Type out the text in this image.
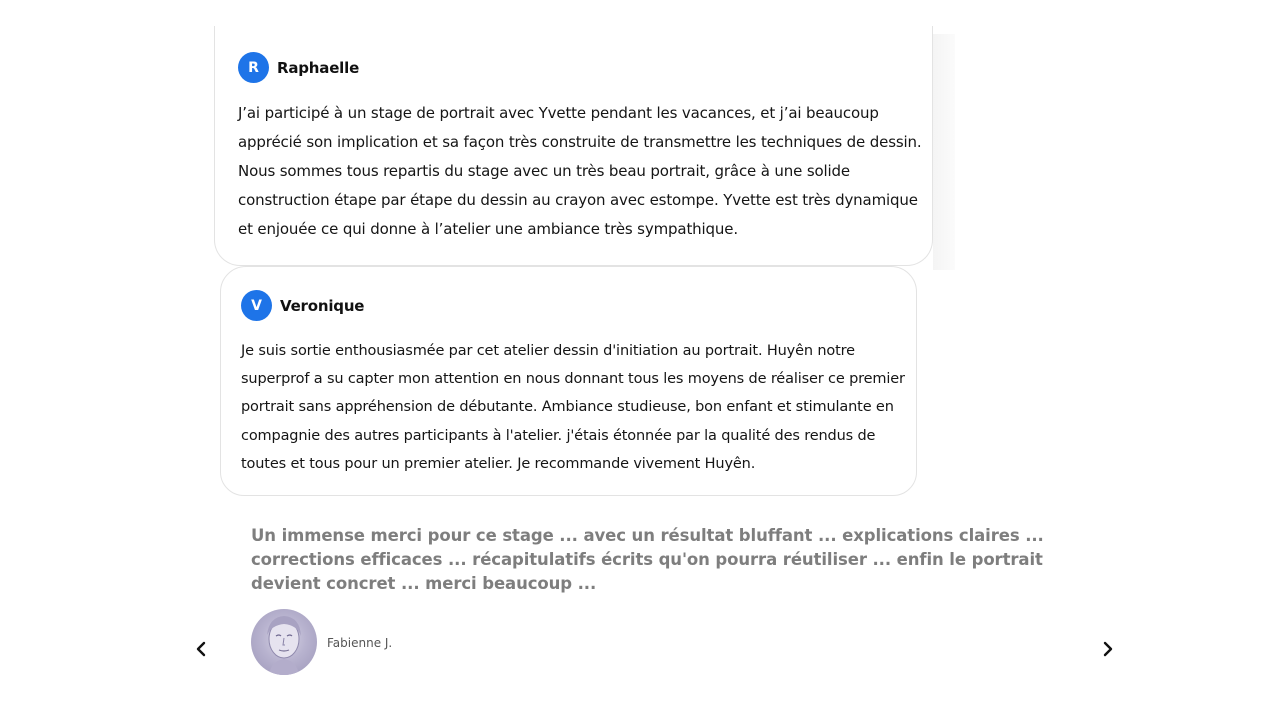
R	Raphaelle

J’ai participé à un stage de portrait avec Yvette pendant les vacances, et j’ai beaucoup apprécié son implication et sa façon très construite de transmettre les techniques de dessin. Nous sommes tous repartis du stage avec un très beau portrait, grâce à une solide construction étape par étape du dessin au crayon avec estompe. Yvette est très dynamique et enjouée ce qui donne à l’atelier une ambiance très sympathique.

V	Veronique

Je suis sortie enthousiasmée par cet atelier dessin d'initiation au portrait. Huyên notre superprof a su capter mon attention en nous donnant tous les moyens de réaliser ce premier portrait sans appréhension de débutante. Ambiance studieuse, bon enfant et stimulante en compagnie des autres participants à l'atelier. j'étais étonnée par la qualité des rendus de toutes et tous pour un premier atelier. Je recommande vivement Huyên.

Un immense merci pour ce stage ... avec un résultat bluffant ... explications claires ... corrections efficaces ... récapitulatifs écrits qu'on pourra réutiliser ... enfin le portrait devient concret ... merci beaucoup ...

Fabienne J.
